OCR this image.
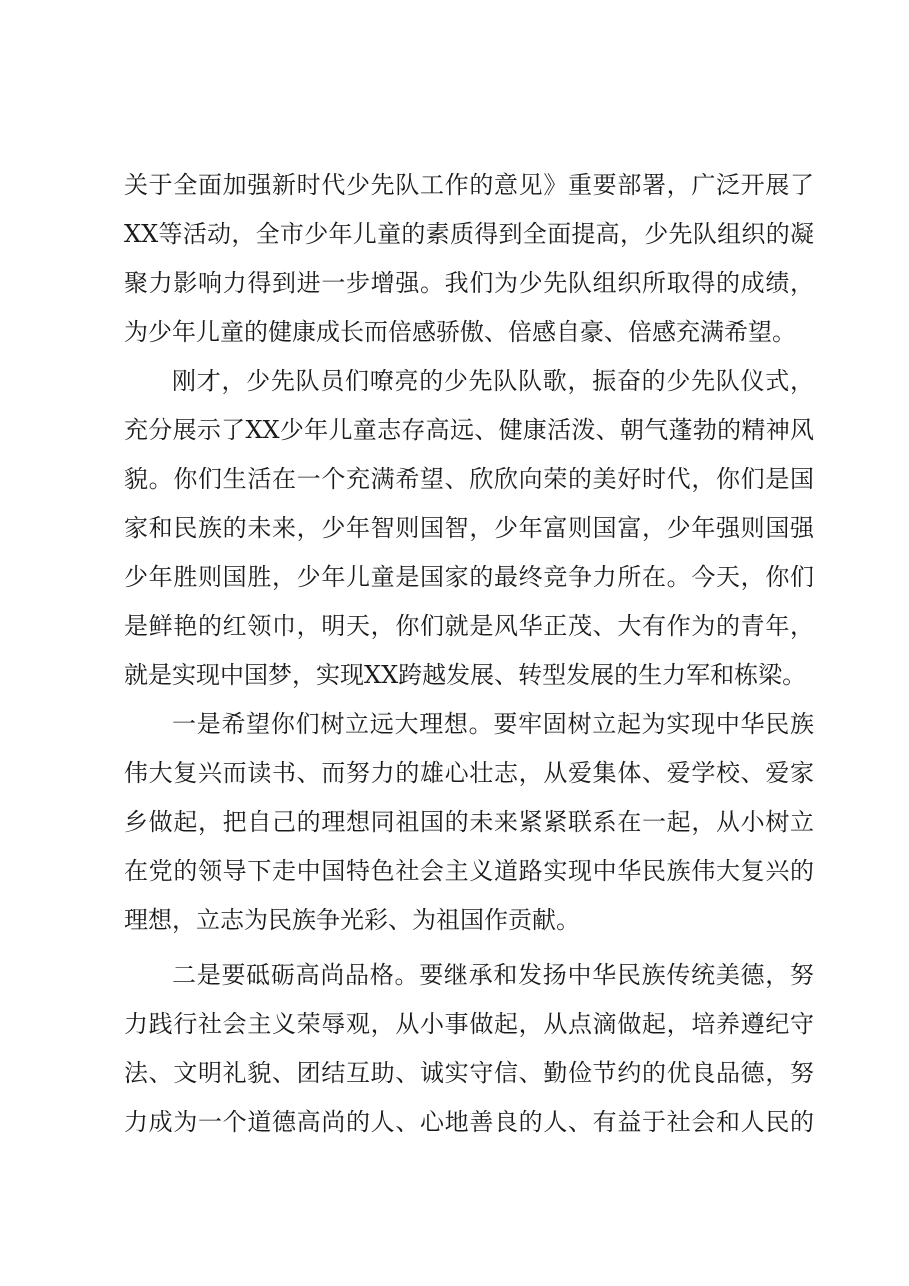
关于全面加强新时代少先队工作的意见》重要部署，广泛开展了
XX等活动，全市少年儿童的素质得到全面提高，少先队组织的凝
聚力影响力得到进一步增强。我们为少先队组织所取得的成绩，
为少年儿童的健康成长而倍感骄傲、倍感自豪、倍感充满希望。
刚才，少先队员们嘹亮的少先队队歌，振奋的少先队仪式，
充分展示了XX少年儿童志存高远、健康活泼、朝气蓬勃的精神风
貌。你们生活在一个充满希望、欣欣向荣的美好时代，你们是国
家和民族的未来，少年智则国智，少年富则国富，少年强则国强
少年胜则国胜，少年儿童是国家的最终竞争力所在。今天，你们
是鲜艳的红领巾，明天，你们就是风华正茂、大有作为的青年，
就是实现中国梦，实现XX跨越发展、转型发展的生力军和栋梁。
一是希望你们树立远大理想。要牢固树立起为实现中华民族
伟大复兴而读书、而努力的雄心壮志，从爱集体、爱学校、爱家
乡做起，把自己的理想同祖国的未来紧紧联系在一起，从小树立
在党的领导下走中国特色社会主义道路实现中华民族伟大复兴的
理想，立志为民族争光彩、为祖国作贡献。
二是要砥砺高尚品格。要继承和发扬中华民族传统美德，努
力践行社会主义荣辱观，从小事做起，从点滴做起，培养遵纪守
法、文明礼貌、团结互助、诚实守信、勤俭节约的优良品德，努
力成为一个道德高尚的人、心地善良的人、有益于社会和人民的
